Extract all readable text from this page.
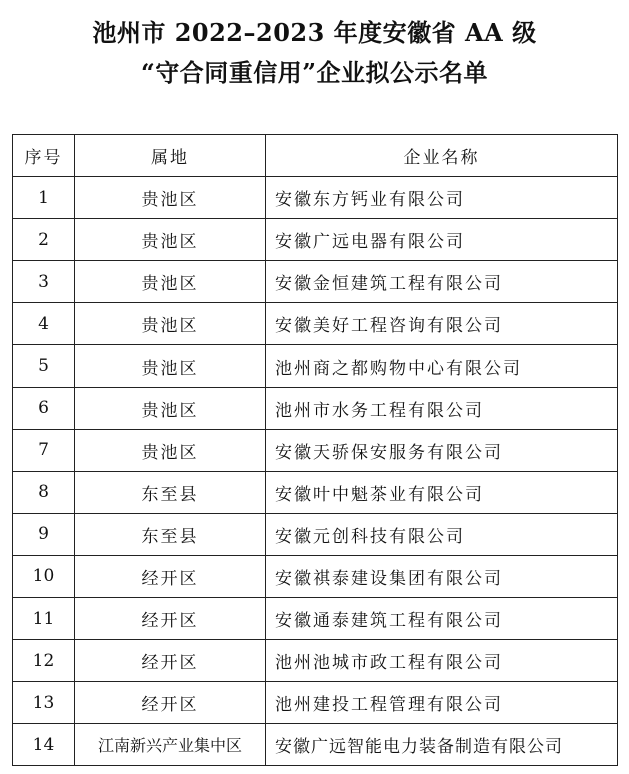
池州市 2022–2023 年度安徽省 AA 级
“守合同重信用”企业拟公示名单
序号	属地	企业名称
1	贵池区	安徽东方钙业有限公司
2	贵池区	安徽广远电器有限公司
3	贵池区	安徽金恒建筑工程有限公司
4	贵池区	安徽美好工程咨询有限公司
5	贵池区	池州商之都购物中心有限公司
6	贵池区	池州市水务工程有限公司
7	贵池区	安徽天骄保安服务有限公司
8	东至县	安徽叶中魁茶业有限公司
9	东至县	安徽元创科技有限公司
10	经开区	安徽祺泰建设集团有限公司
11	经开区	安徽通泰建筑工程有限公司
12	经开区	池州池城市政工程有限公司
13	经开区	池州建投工程管理有限公司
14	江南新兴产业集中区	安徽广远智能电力装备制造有限公司
